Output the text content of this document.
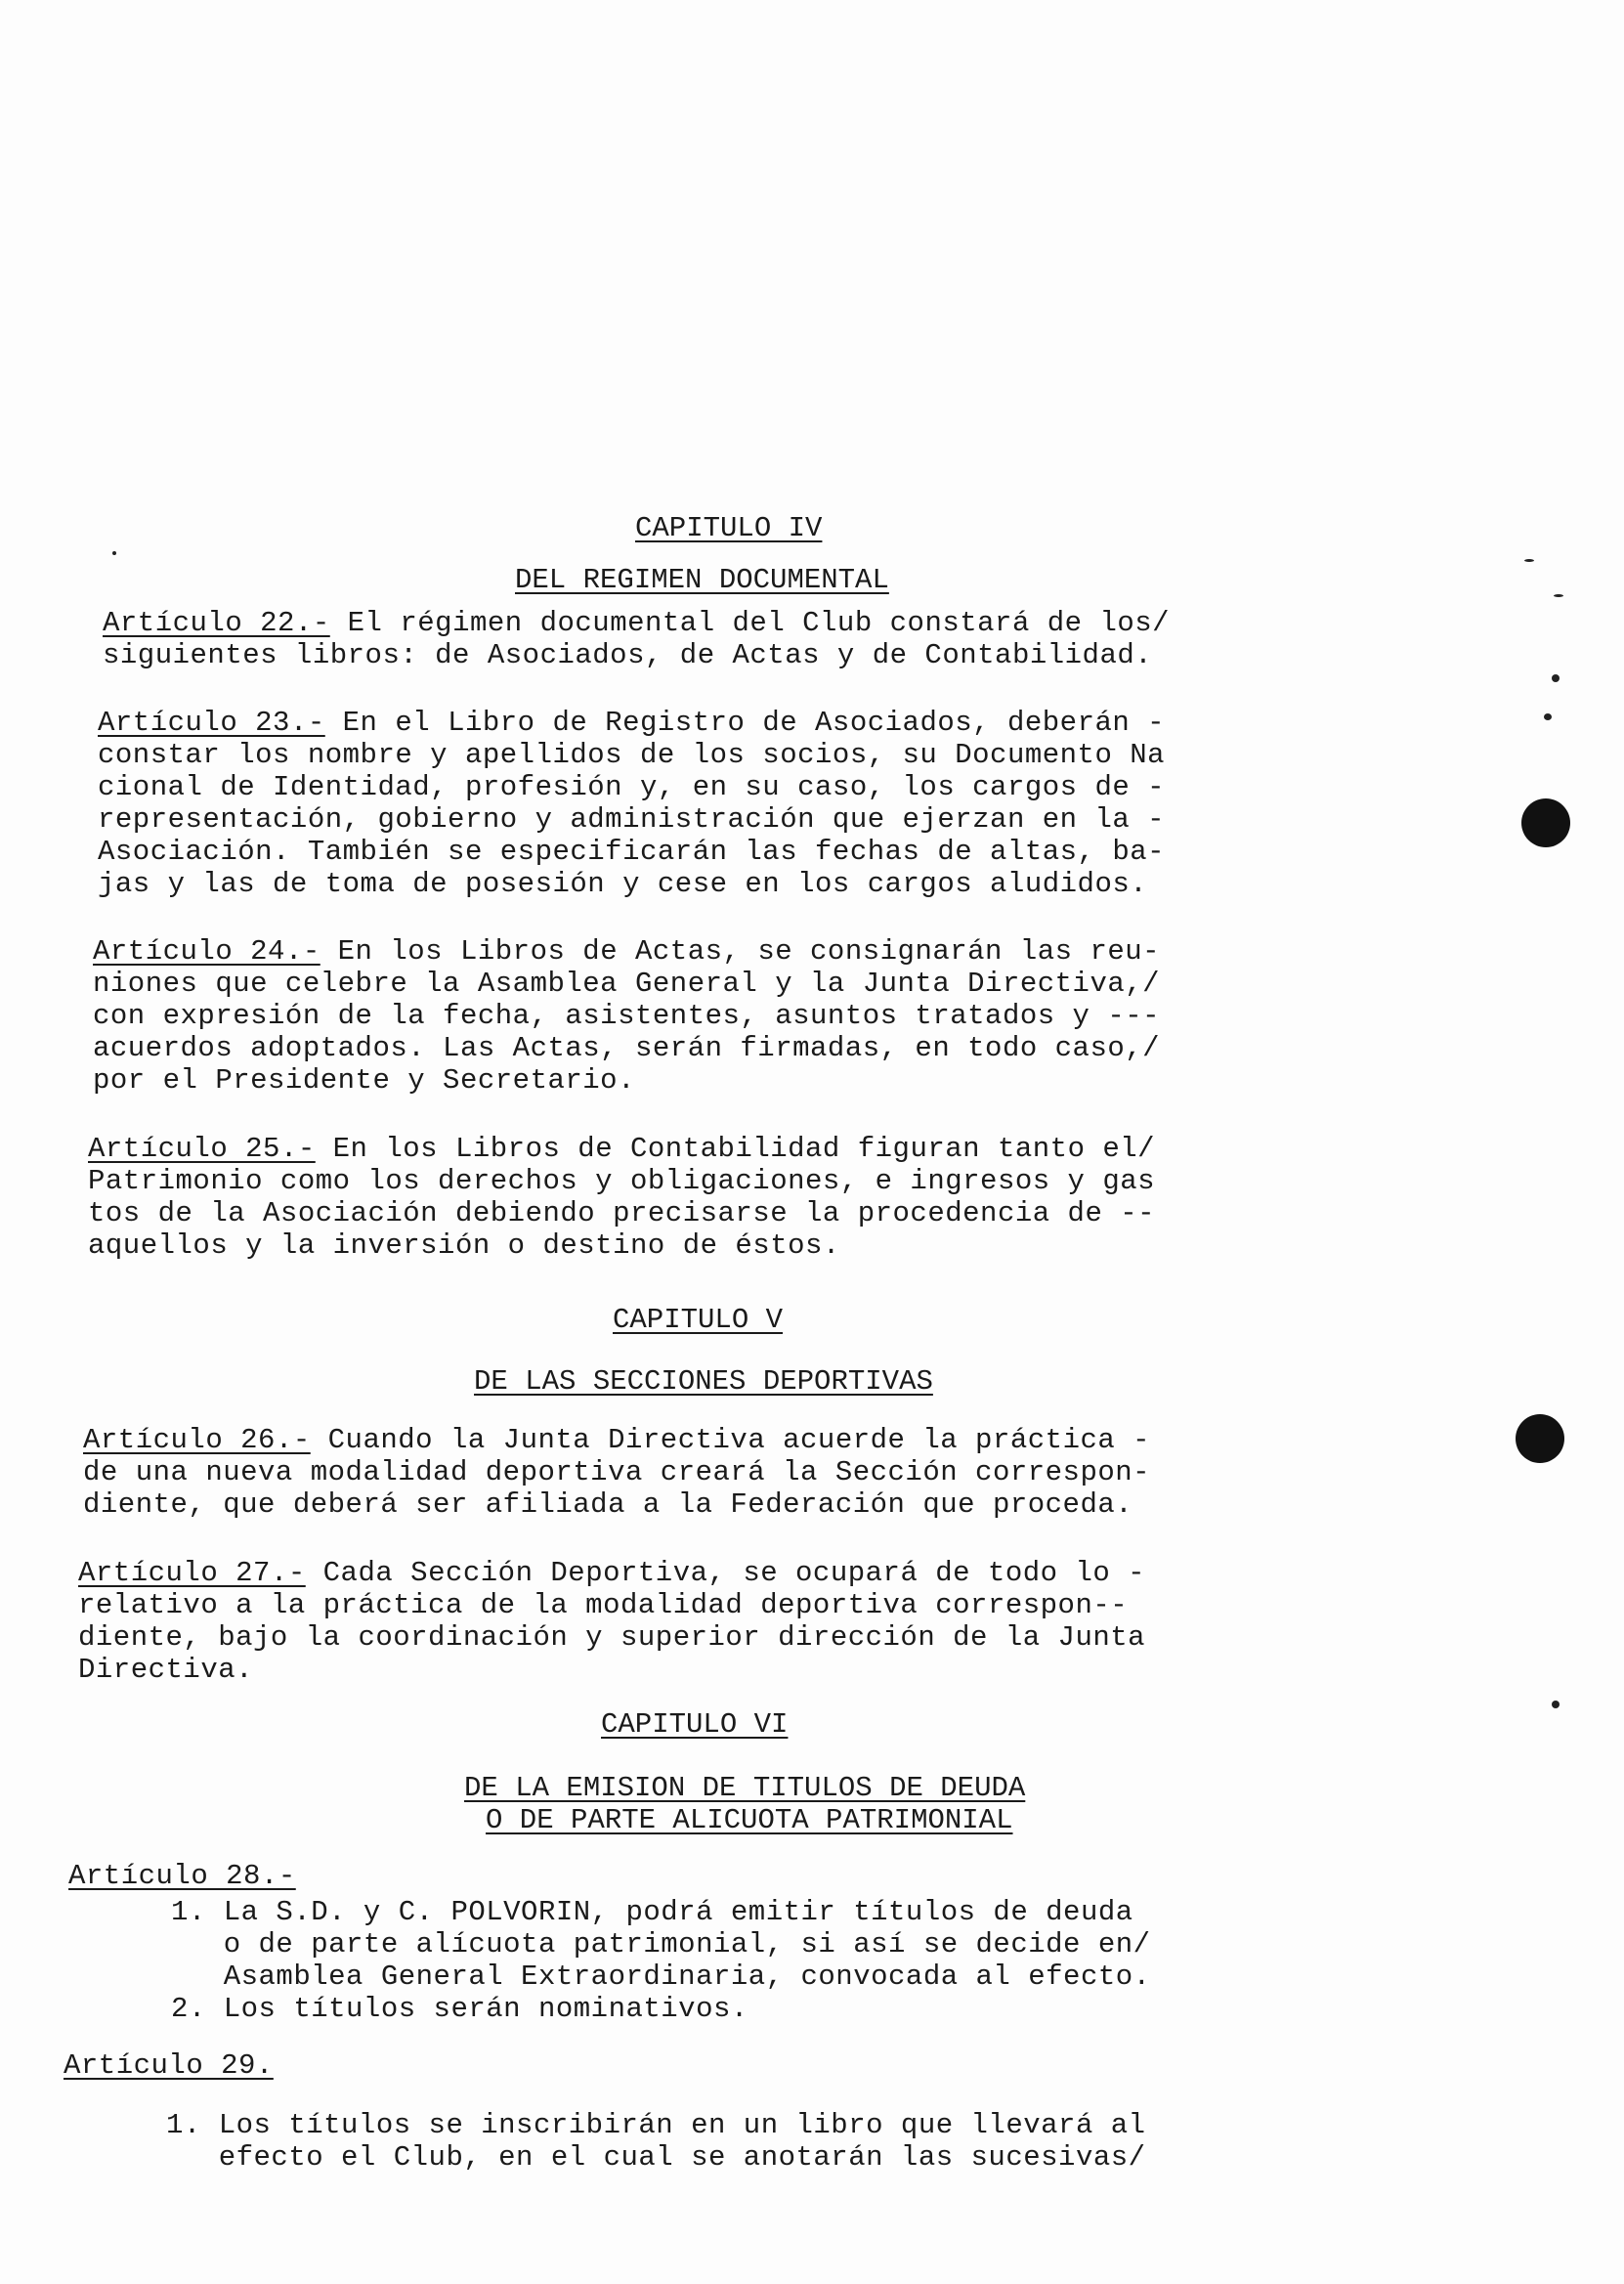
CAPITULO IV
DEL REGIMEN DOCUMENTAL
Artículo 22.- El régimen documental del Club constará de los/
siguientes libros: de Asociados, de Actas y de Contabilidad.
Artículo 23.- En el Libro de Registro de Asociados, deberán -
constar los nombre y apellidos de los socios, su Documento Na
cional de Identidad, profesión y, en su caso, los cargos de -
representación, gobierno y administración que ejerzan en la -
Asociación. También se especificarán las fechas de altas, ba-
jas y las de toma de posesión y cese en los cargos aludidos.
Artículo 24.- En los Libros de Actas, se consignarán las reu-
niones que celebre la Asamblea General y la Junta Directiva,/
con expresión de la fecha, asistentes, asuntos tratados y ---
acuerdos adoptados. Las Actas, serán firmadas, en todo caso,/
por el Presidente y Secretario.
Artículo 25.- En los Libros de Contabilidad figuran tanto el/
Patrimonio como los derechos y obligaciones, e ingresos y gas
tos de la Asociación debiendo precisarse la procedencia de --
aquellos y la inversión o destino de éstos.
CAPITULO V
DE LAS SECCIONES DEPORTIVAS
Artículo 26.- Cuando la Junta Directiva acuerde la práctica -
de una nueva modalidad deportiva creará la Sección correspon-
diente, que deberá ser afiliada a la Federación que proceda.
Artículo 27.- Cada Sección Deportiva, se ocupará de todo lo -
relativo a la práctica de la modalidad deportiva correspon--
diente, bajo la coordinación y superior dirección de la Junta
Directiva.
CAPITULO VI
DE LA EMISION DE TITULOS DE DEUDA
O DE PARTE ALICUOTA PATRIMONIAL
Artículo 28.-
1. La S.D. y C. POLVORIN, podrá emitir títulos de deuda
o de parte alícuota patrimonial, si así se decide en/
Asamblea General Extraordinaria, convocada al efecto.
2. Los títulos serán nominativos.
Artículo 29.
1. Los títulos se inscribirán en un libro que llevará al
efecto el Club, en el cual se anotarán las sucesivas/
